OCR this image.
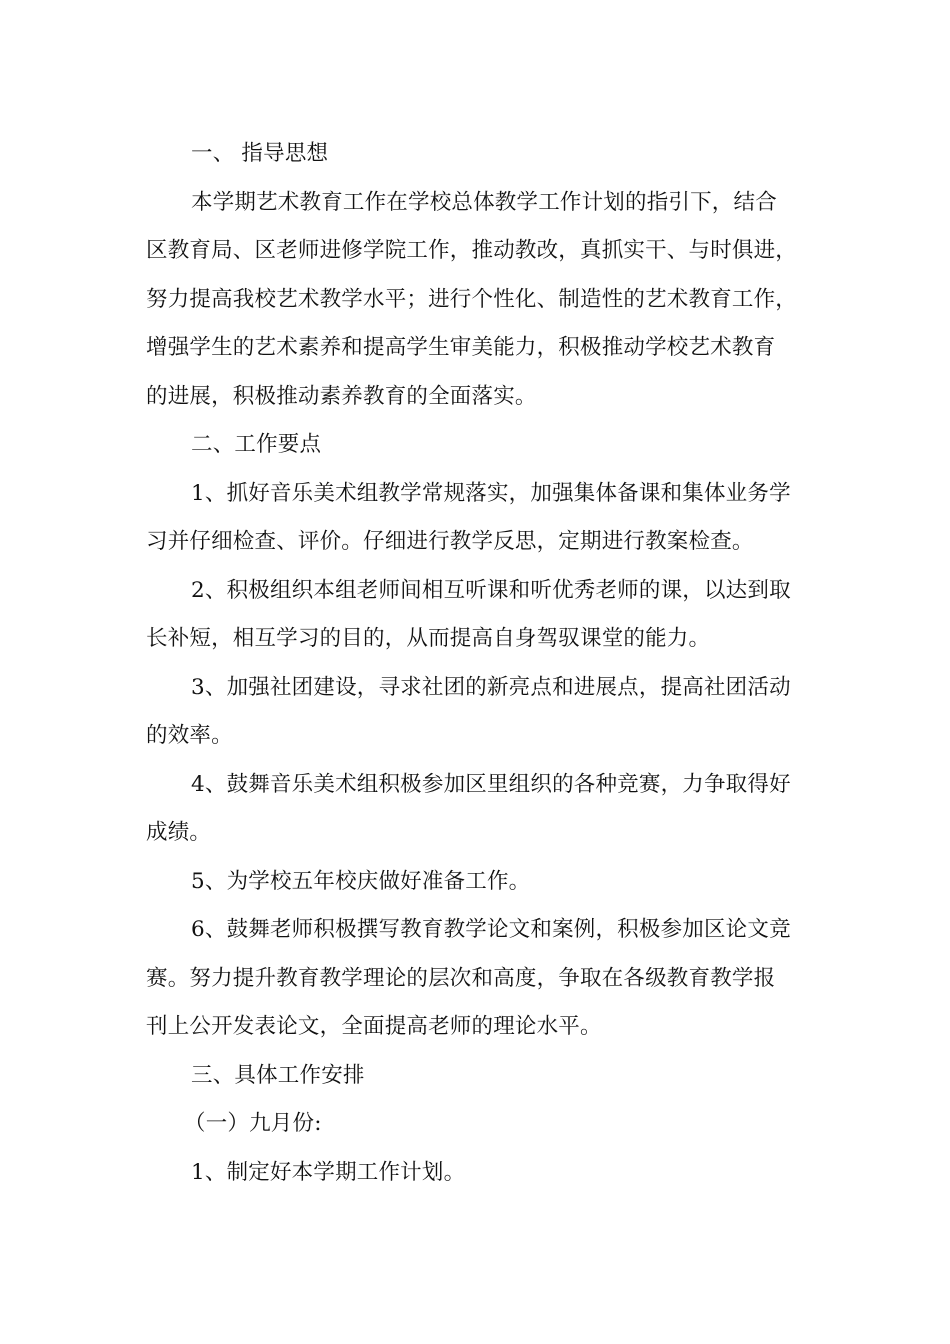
一、 指导思想
本学期艺术教育工作在学校总体教学工作计划的指引下，结合
区教育局、区老师进修学院工作，推动教改，真抓实干、与时俱进，
努力提高我校艺术教学水平；进行个性化、制造性的艺术教育工作，
增强学生的艺术素养和提高学生审美能力，积极推动学校艺术教育
的进展，积极推动素养教育的全面落实。
二、工作要点
1、抓好音乐美术组教学常规落实，加强集体备课和集体业务学
习并仔细检查、评价。仔细进行教学反思，定期进行教案检查。
2、积极组织本组老师间相互听课和听优秀老师的课，以达到取
长补短，相互学习的目的，从而提高自身驾驭课堂的能力。
3、加强社团建设，寻求社团的新亮点和进展点，提高社团活动
的效率。
4、鼓舞音乐美术组积极参加区里组织的各种竞赛，力争取得好
成绩。
5、为学校五年校庆做好准备工作。
6、鼓舞老师积极撰写教育教学论文和案例，积极参加区论文竞
赛。努力提升教育教学理论的层次和高度，争取在各级教育教学报
刊上公开发表论文，全面提高老师的理论水平。
三、具体工作安排
（一）九月份:
1、制定好本学期工作计划。
